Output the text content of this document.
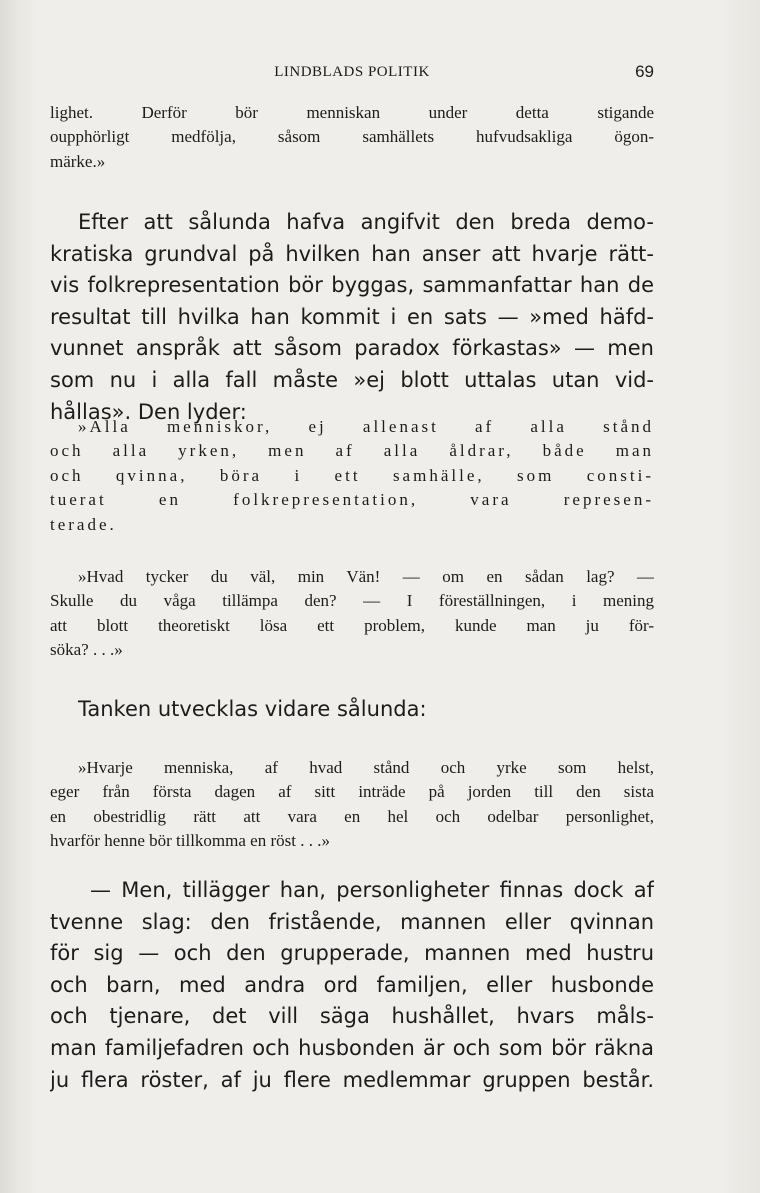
LINDBLADS POLITIK	69
lighet. Derför bör menniskan under detta stigande
oupphörligt medfölja, såsom samhällets hufvudsakliga ögon-
märke.»
Efter att sålunda hafva angifvit den breda demo-
kratiska grundval på hvilken han anser att hvarje rätt-
vis folkrepresentation bör byggas, sammanfattar han de
resultat till hvilka han kommit i en sats — »med häfd-
vunnet anspråk att såsom paradox förkastas» — men
som nu i alla fall måste »ej blott uttalas utan vid-
hållas». Den lyder:
»Alla menniskor, ej allenast af alla stånd
och alla yrken, men af alla åldrar, både man
och qvinna, böra i ett samhälle, som consti-
tuerat en folkrepresentation, vara represen-
terade.
»Hvad tycker du väl, min Vän! — om en sådan lag? —
Skulle du våga tillämpa den? — I föreställningen, i mening
att blott theoretiskt lösa ett problem, kunde man ju för-
söka? . . .»
Tanken utvecklas vidare sålunda:
»Hvarje menniska, af hvad stånd och yrke som helst,
eger från första dagen af sitt inträde på jorden till den sista
en obestridlig rätt att vara en hel och odelbar personlighet,
hvarför henne bör tillkomma en röst . . .»
— Men, tillägger han, personligheter finnas dock af
tvenne slag: den fristående, mannen eller qvinnan
för sig — och den grupperade, mannen med hustru
och barn, med andra ord familjen, eller husbonde
och tjenare, det vill säga hushållet, hvars måls-
man familjefadren och husbonden är och som bör räkna
ju flera röster, af ju flere medlemmar gruppen består.
